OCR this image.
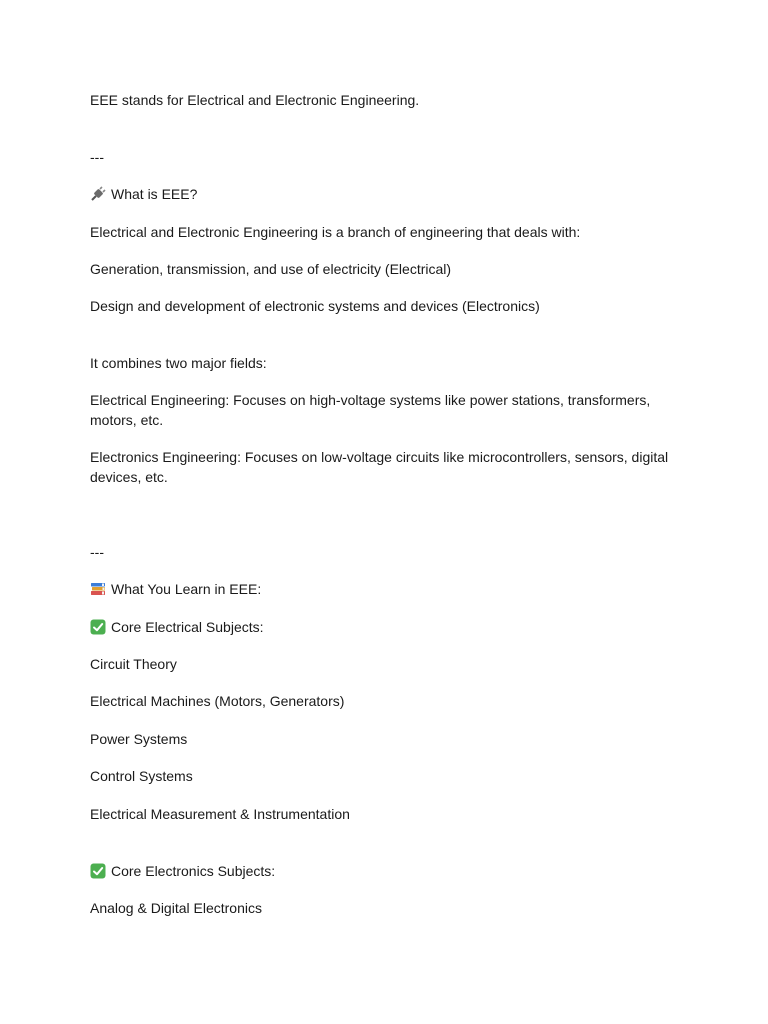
EEE stands for Electrical and Electronic Engineering.
---
What is EEE?
Electrical and Electronic Engineering is a branch of engineering that deals with:
Generation, transmission, and use of electricity (Electrical)
Design and development of electronic systems and devices (Electronics)
It combines two major fields:
Electrical Engineering: Focuses on high-voltage systems like power stations, transformers, motors, etc.
Electronics Engineering: Focuses on low-voltage circuits like microcontrollers, sensors, digital devices, etc.
---
What You Learn in EEE:
Core Electrical Subjects:
Circuit Theory
Electrical Machines (Motors, Generators)
Power Systems
Control Systems
Electrical Measurement & Instrumentation
Core Electronics Subjects:
Analog & Digital Electronics
